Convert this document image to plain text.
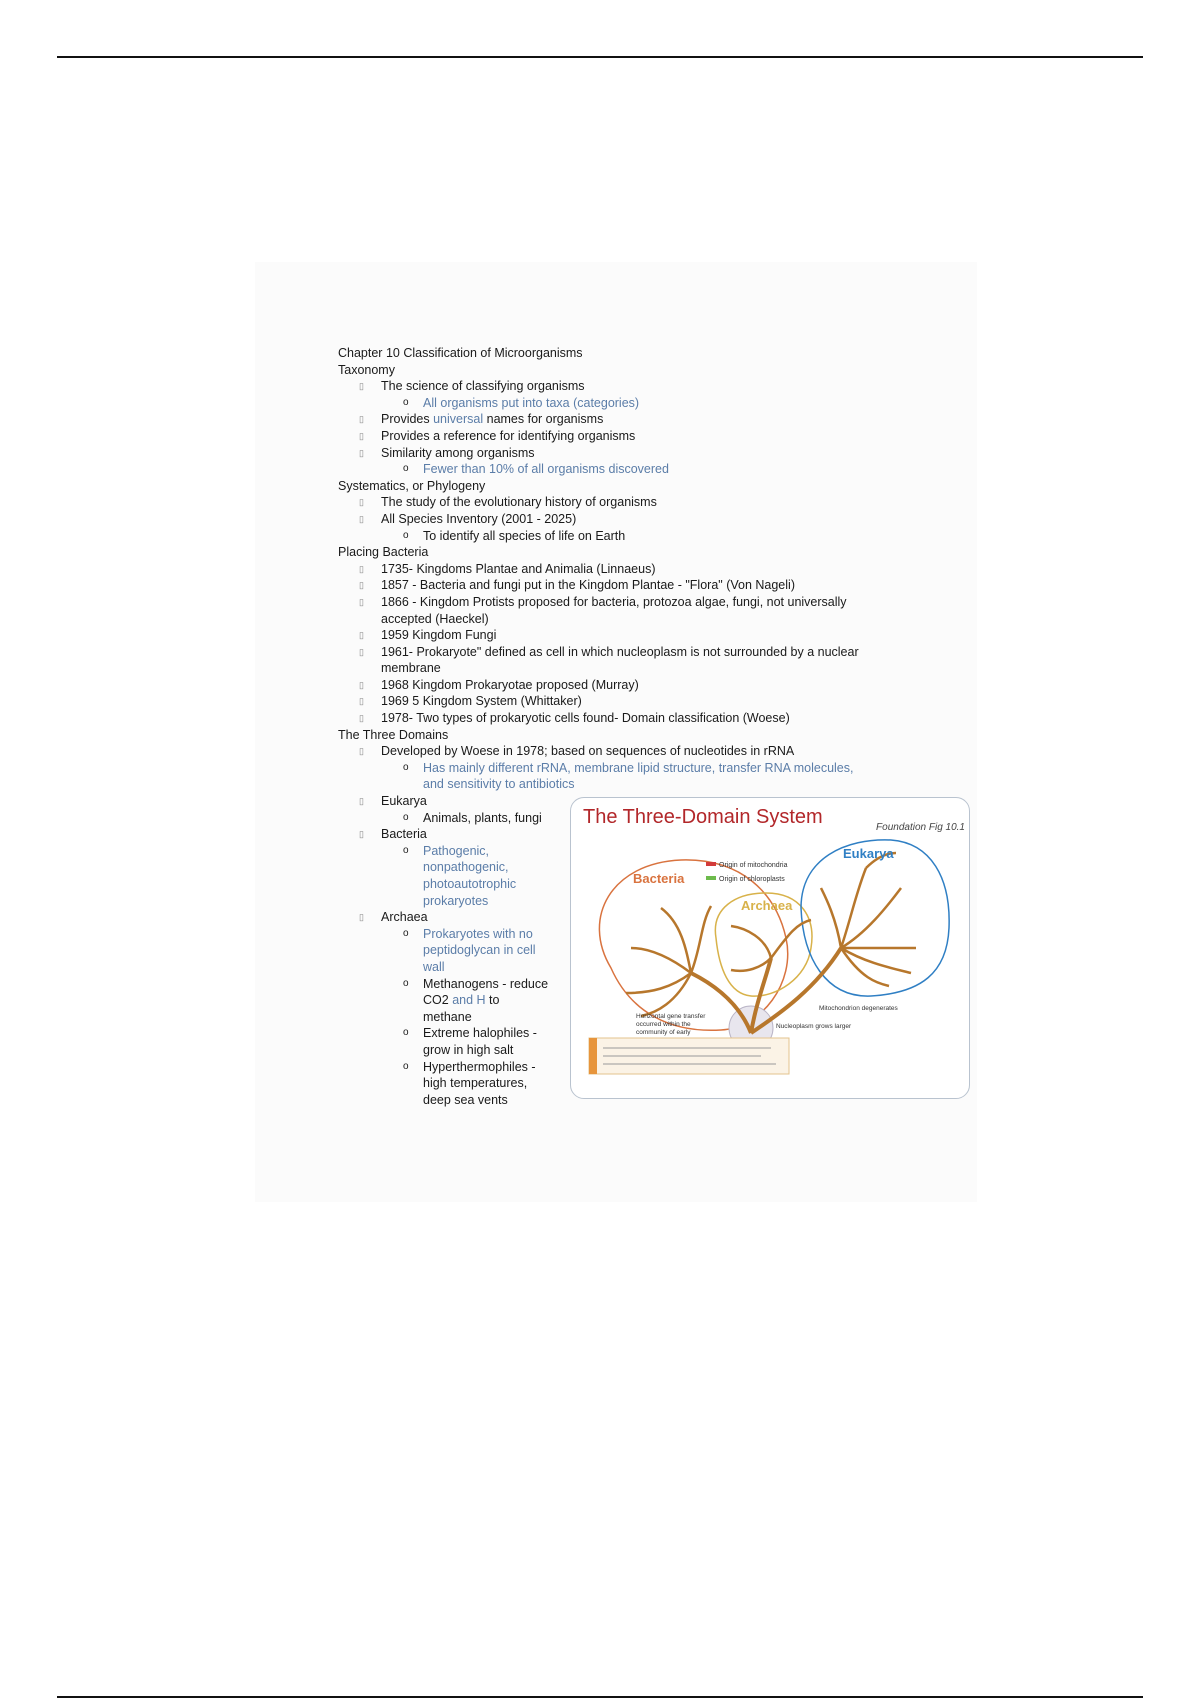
Chapter 10 Classification of Microorganisms
Taxonomy
▯ The science of classifying organisms
o All organisms put into taxa (categories)
▯ Provides universal names for organisms
▯ Provides a reference for identifying organisms
▯ Similarity among organisms
o Fewer than 10% of all organisms discovered
Systematics, or Phylogeny
▯ The study of the evolutionary history of organisms
▯ All Species Inventory (2001 - 2025)
o To identify all species of life on Earth
Placing Bacteria
▯ 1735- Kingdoms Plantae and Animalia (Linnaeus)
▯ 1857 - Bacteria and fungi put in the Kingdom Plantae - "Flora" (Von Nageli)
▯ 1866 - Kingdom Protists proposed for bacteria, protozoa algae, fungi, not universally
accepted (Haeckel)
▯ 1959 Kingdom Fungi
▯ 1961- Prokaryote" defined as cell in which nucleoplasm is not surrounded by a nuclear
membrane
▯ 1968 Kingdom Prokaryotae proposed (Murray)
▯ 1969 5 Kingdom System (Whittaker)
▯ 1978- Two types of prokaryotic cells found- Domain classification (Woese)
The Three Domains
▯ Developed by Woese in 1978; based on sequences of nucleotides in rRNA
o Has mainly different rRNA, membrane lipid structure, transfer RNA molecules,
and sensitivity to antibiotics
▯ Eukarya
o Animals, plants, fungi
▯ Bacteria
o Pathogenic,
nonpathogenic,
photoautotrophic
prokaryotes
▯ Archaea
o Prokaryotes with no
peptidoglycan in cell
wall
o Methanogens - reduce
CO2 and H to
methane
o Extreme halophiles -
grow in high salt
o Hyperthermophiles -
high temperatures,
deep sea vents
The Three-Domain System	Foundation Fig 10.1
Bacteria
Archaea
Eukarya
Origin of mitochondria
Origin of chloroplasts
Horizontal gene transfer occurred within the community of early
Mitochondrion degenerates
Nucleoplasm grows larger
